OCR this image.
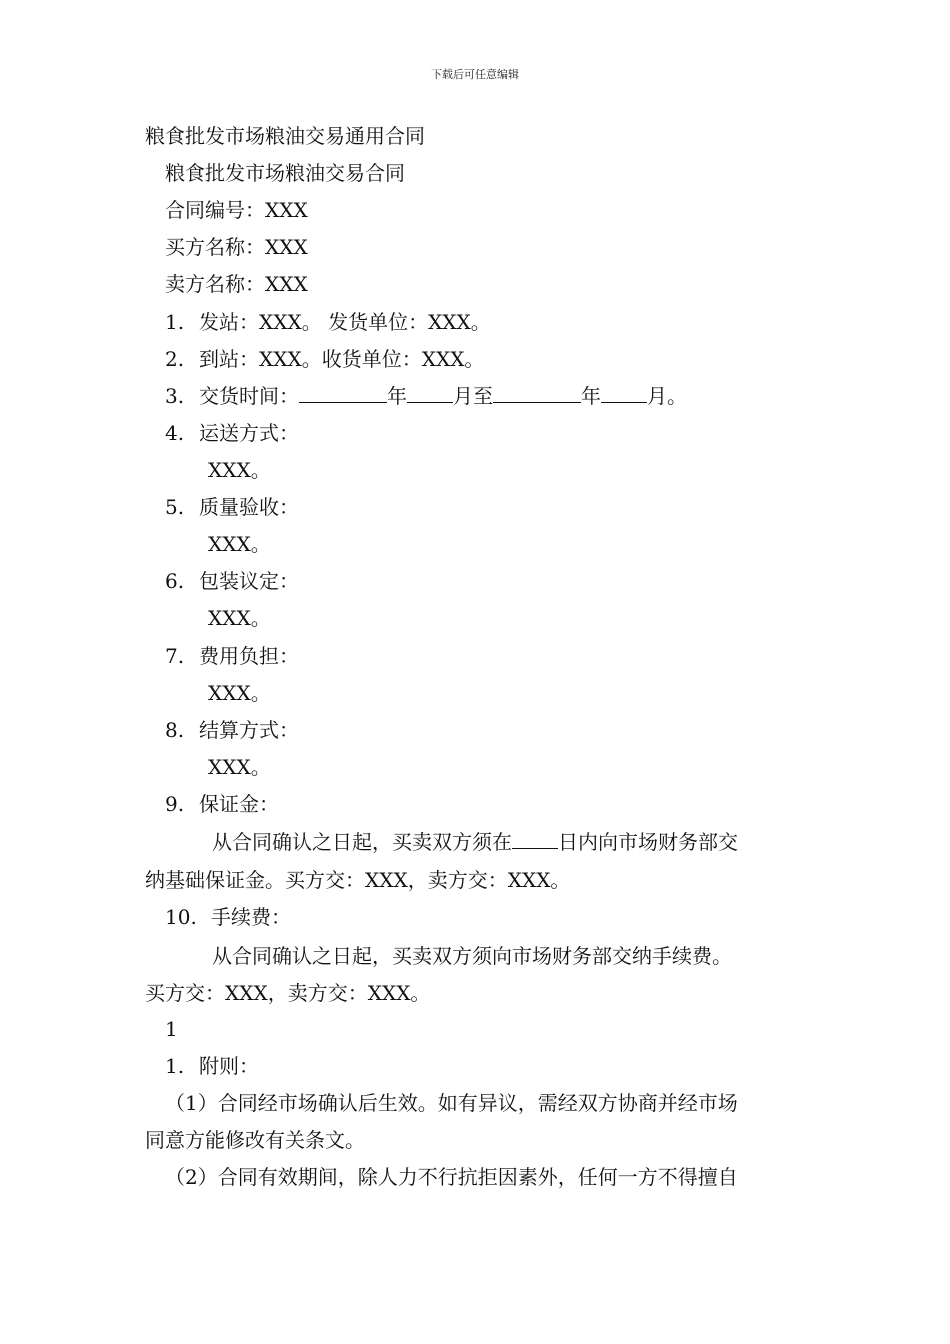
下载后可任意编辑
粮食批发市场粮油交易通用合同
粮食批发市场粮油交易合同
合同编号：XXX
买方名称：XXX
卖方名称：XXX
1. 发站：XXX。 发货单位：XXX。
2. 到站：XXX。收货单位：XXX。
3. 交货时间：	年 月至	年 月。
4. 运送方式：
XXX。
5. 质量验收：
XXX。
6. 包装议定：
XXX。
7. 费用负担：
XXX。
8. 结算方式：
XXX。
9. 保证金：
从合同确认之日起，买卖双方须在 日内向市场财务部交
纳基础保证金。买方交：XXX，卖方交：XXX。
10. 手续费：
从合同确认之日起，买卖双方须向市场财务部交纳手续费。
买方交：XXX，卖方交：XXX。
1
1. 附则：
（1）合同经市场确认后生效。如有异议，需经双方协商并经市场
同意方能修改有关条文。
（2）合同有效期间，除人力不行抗拒因素外，任何一方不得擅自
